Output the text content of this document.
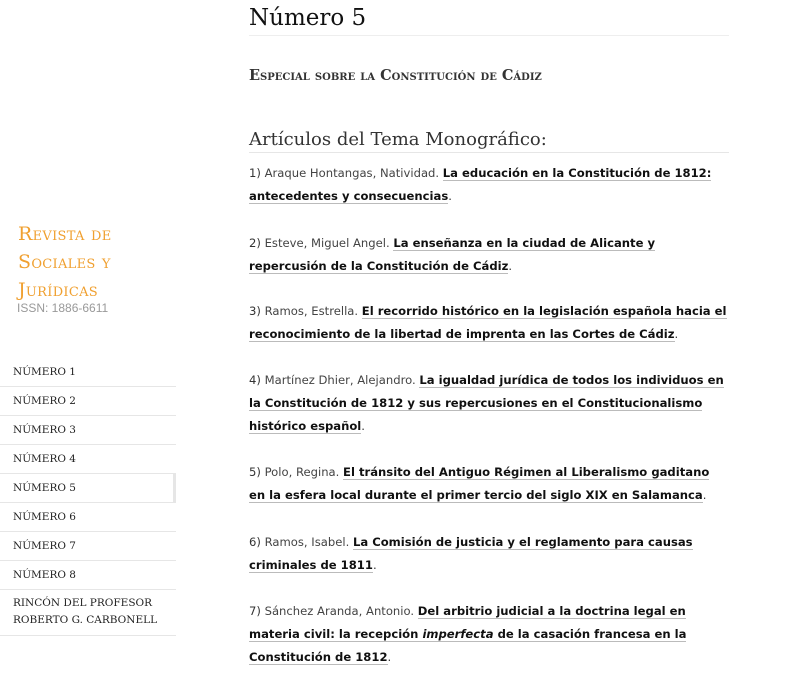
Revista de
Sociales y
Jurídicas
ISSN: 1886-6611
NÚMERO 1
NÚMERO 2
NÚMERO 3
NÚMERO 4
NÚMERO 5
NÚMERO 6
NÚMERO 7
NÚMERO 8
RINCÓN DEL PROFESOR ROBERTO G. CARBONELL
Número 5
Especial sobre la Constitución de Cádiz
Artículos del Tema Monográfico:
1) Araque Hontangas, Natividad. La educación en la Constitución de 1812: antecedentes y consecuencias.
2) Esteve, Miguel Angel. La enseñanza en la ciudad de Alicante y repercusión de la Constitución de Cádiz.
3) Ramos, Estrella. El recorrido histórico en la legislación española hacia el reconocimiento de la libertad de imprenta en las Cortes de Cádiz.
4) Martínez Dhier, Alejandro. La igualdad jurídica de todos los individuos en la Constitución de 1812 y sus repercusiones en el Constitucionalismo histórico español.
5) Polo, Regina. El tránsito del Antiguo Régimen al Liberalismo gaditano en la esfera local durante el primer tercio del siglo XIX en Salamanca.
6) Ramos, Isabel. La Comisión de justicia y el reglamento para causas criminales de 1811.
7) Sánchez Aranda, Antonio. Del arbitrio judicial a la doctrina legal en materia civil: la recepción imperfecta de la casación francesa en la Constitución de 1812.
